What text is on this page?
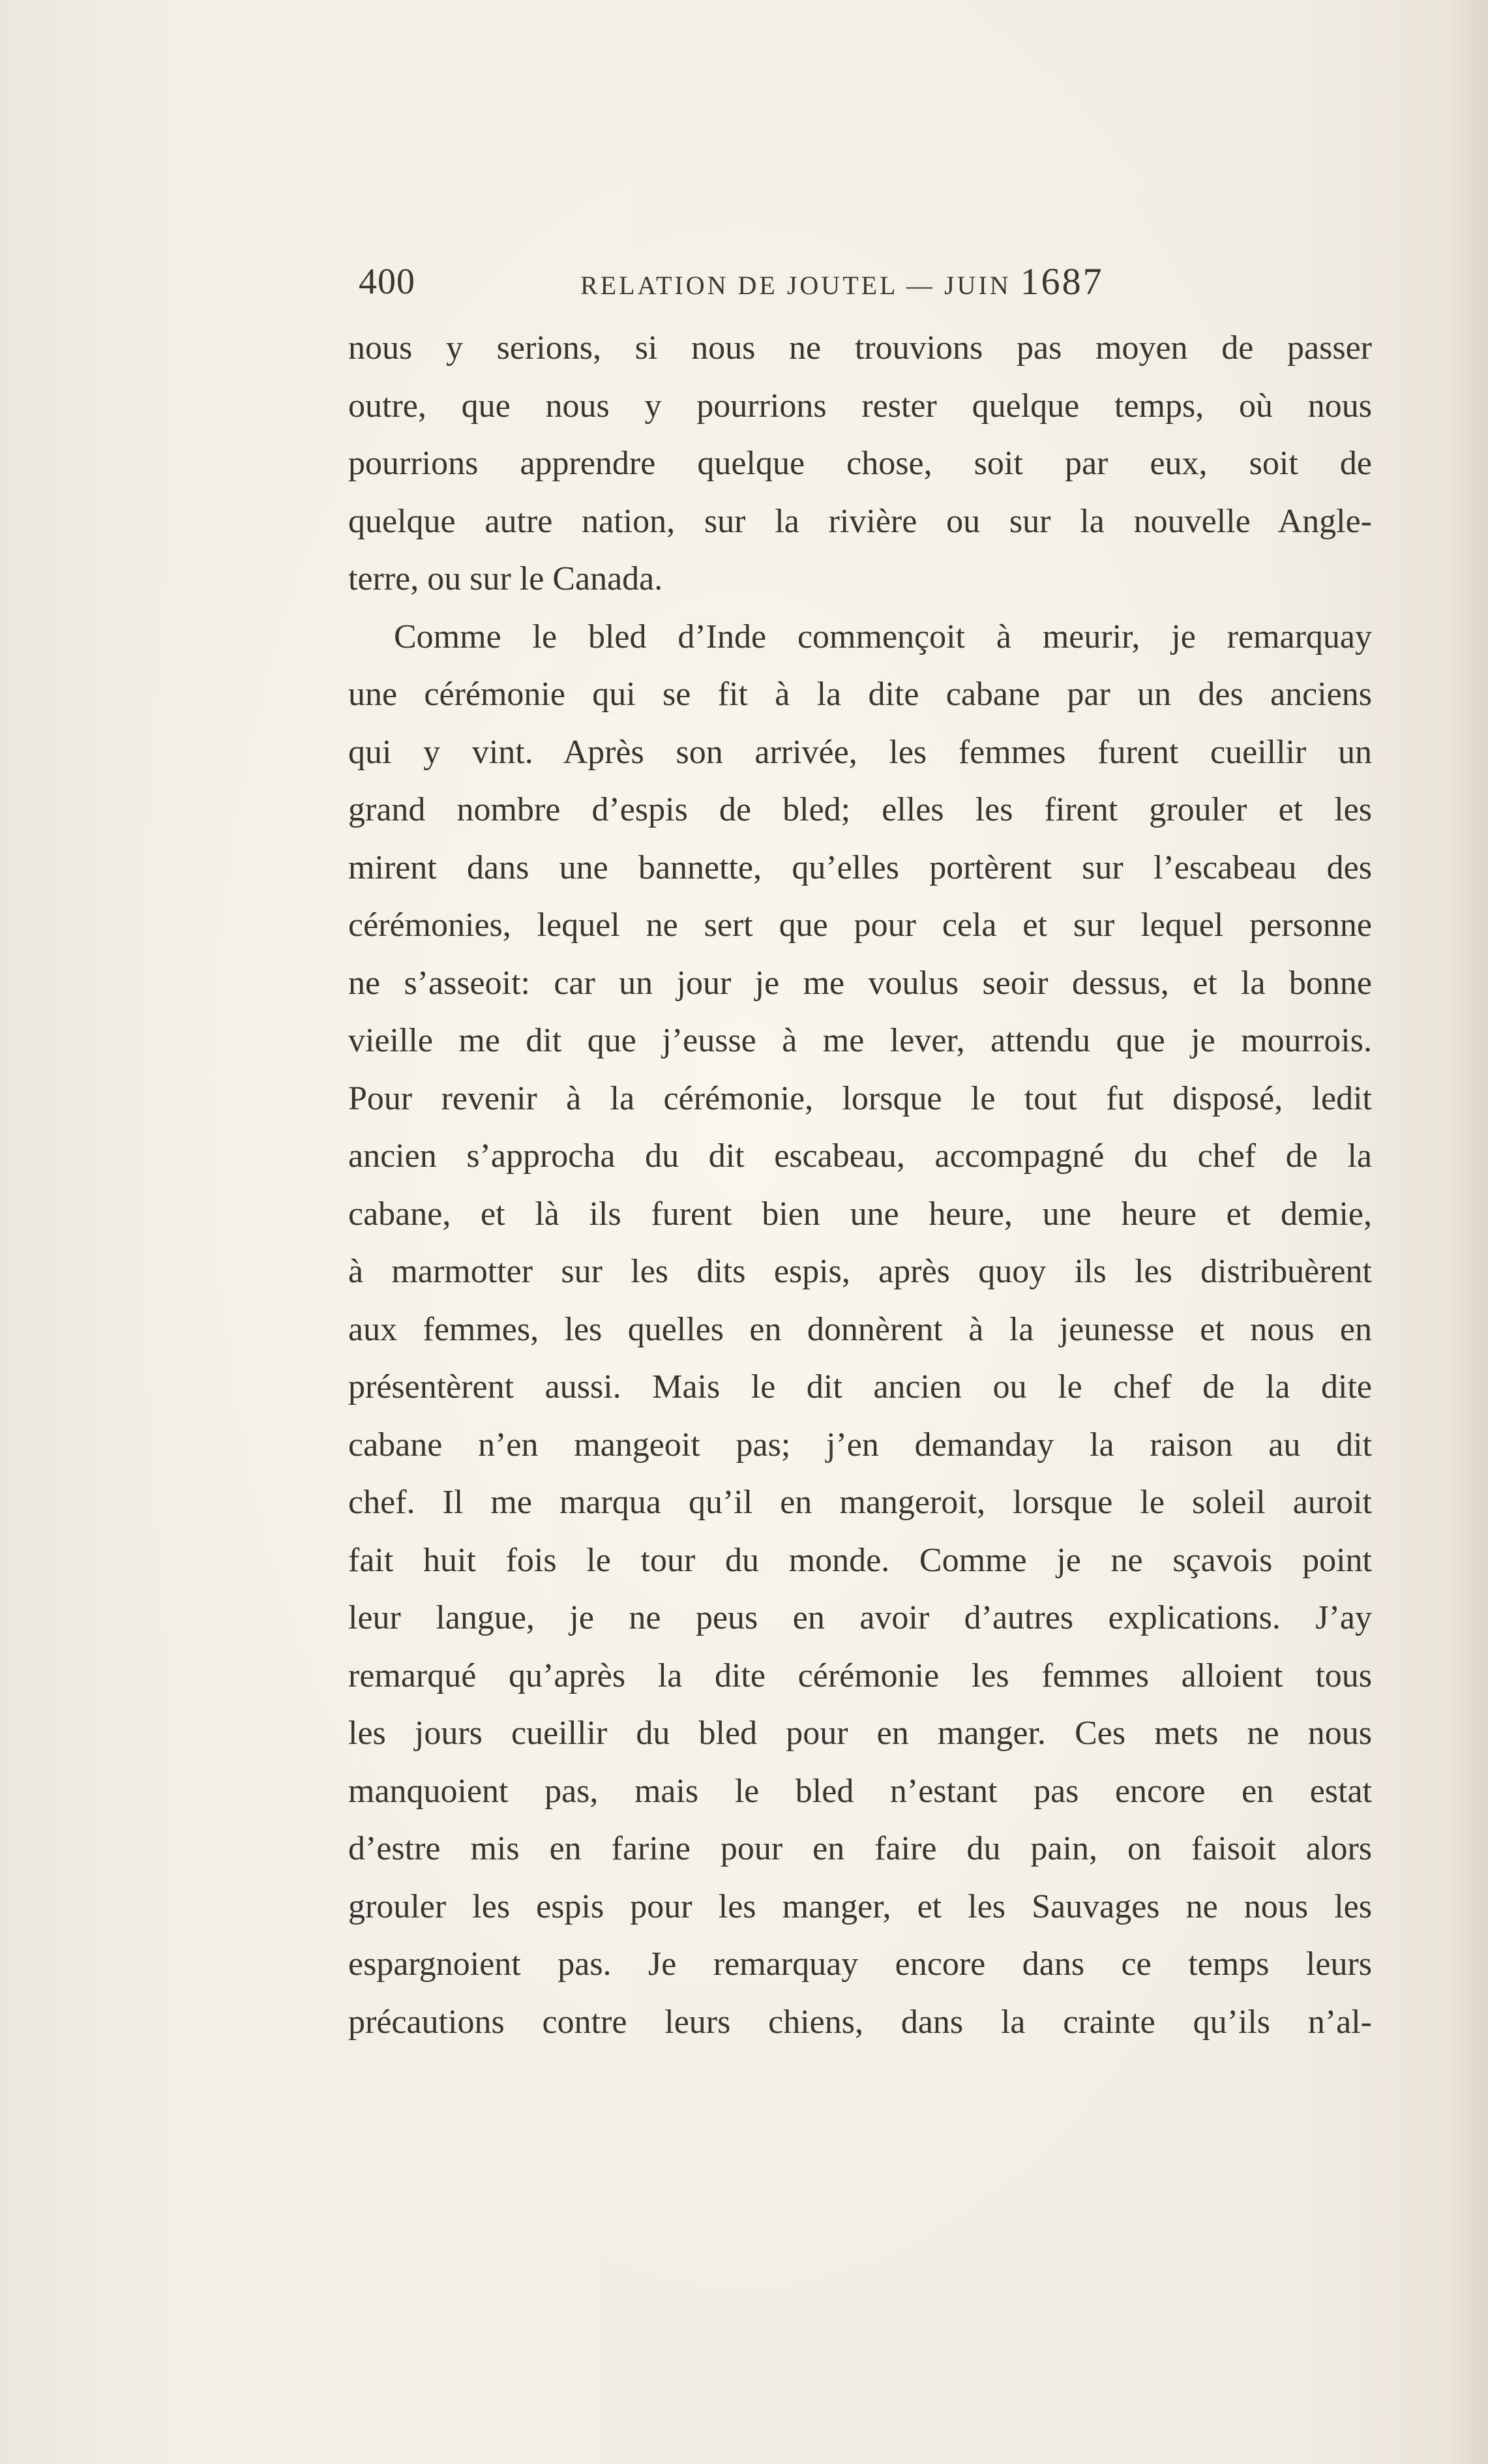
400	RELATION DE JOUTEL — JUIN 1687
nous y serions, si nous ne trouvions pas moyen de passer
outre, que nous y pourrions rester quelque temps, où nous
pourrions apprendre quelque chose, soit par eux, soit de
quelque autre nation, sur la rivière ou sur la nouvelle Angle-
terre, ou sur le Canada.
Comme le bled d’Inde commençoit à meurir, je remarquay
une cérémonie qui se fit à la dite cabane par un des anciens
qui y vint. Après son arrivée, les femmes furent cueillir un
grand nombre d’espis de bled; elles les firent grouler et les
mirent dans une bannette, qu’elles portèrent sur l’escabeau des
cérémonies, lequel ne sert que pour cela et sur lequel personne
ne s’asseoit: car un jour je me voulus seoir dessus, et la bonne
vieille me dit que j’eusse à me lever, attendu que je mourrois.
Pour revenir à la cérémonie, lorsque le tout fut disposé, ledit
ancien s’approcha du dit escabeau, accompagné du chef de la
cabane, et là ils furent bien une heure, une heure et demie,
à marmotter sur les dits espis, après quoy ils les distribuèrent
aux femmes, les quelles en donnèrent à la jeunesse et nous en
présentèrent aussi. Mais le dit ancien ou le chef de la dite
cabane n’en mangeoit pas; j’en demanday la raison au dit
chef. Il me marqua qu’il en mangeroit, lorsque le soleil auroit
fait huit fois le tour du monde. Comme je ne sçavois point
leur langue, je ne peus en avoir d’autres explications. J’ay
remarqué qu’après la dite cérémonie les femmes alloient tous
les jours cueillir du bled pour en manger. Ces mets ne nous
manquoient pas, mais le bled n’estant pas encore en estat
d’estre mis en farine pour en faire du pain, on faisoit alors
grouler les espis pour les manger, et les Sauvages ne nous les
espargnoient pas. Je remarquay encore dans ce temps leurs
précautions contre leurs chiens, dans la crainte qu’ils n’al-
